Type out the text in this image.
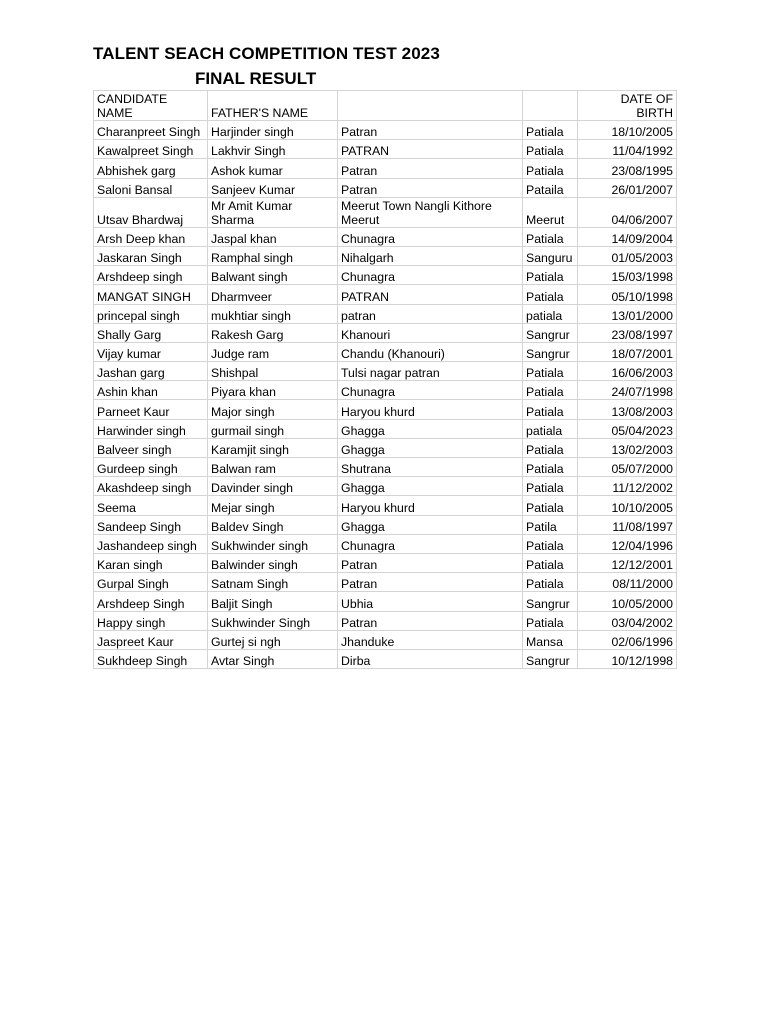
TALENT SEACH COMPETITION TEST 2023
FINAL RESULT
CANDIDATE
NAME	FATHER'S NAME			DATE OF
BIRTH

Charanpreet Singh	Harjinder singh	Patran	Patiala	18/10/2005
Kawalpreet Singh	Lakhvir Singh	PATRAN	Patiala	11/04/1992
Abhishek garg	Ashok kumar	Patran	Patiala	23/08/1995
Saloni Bansal	Sanjeev Kumar	Patran	Pataila	26/01/2007
Utsav Bhardwaj	Mr Amit Kumar Sharma	Meerut Town Nangli Kithore Meerut	Meerut	04/06/2007
Arsh Deep khan	Jaspal khan	Chunagra	Patiala	14/09/2004
Jaskaran Singh	Ramphal singh	Nihalgarh	Sanguru	01/05/2003
Arshdeep singh	Balwant singh	Chunagra	Patiala	15/03/1998
MANGAT SINGH	Dharmveer	PATRAN	Patiala	05/10/1998
princepal singh	mukhtiar singh	patran	patiala	13/01/2000
Shally Garg	Rakesh Garg	Khanouri	Sangrur	23/08/1997
Vijay kumar	Judge ram	Chandu (Khanouri)	Sangrur	18/07/2001
Jashan garg	Shishpal	Tulsi nagar patran	Patiala	16/06/2003
Ashin khan	Piyara khan	Chunagra	Patiala	24/07/1998
Parneet Kaur	Major singh	Haryou khurd	Patiala	13/08/2003
Harwinder singh	gurmail singh	Ghagga	patiala	05/04/2023
Balveer singh	Karamjit singh	Ghagga	Patiala	13/02/2003
Gurdeep singh	Balwan ram	Shutrana	Patiala	05/07/2000
Akashdeep singh	Davinder singh	Ghagga	Patiala	11/12/2002
Seema	Mejar singh	Haryou khurd	Patiala	10/10/2005
Sandeep Singh	Baldev Singh	Ghagga	Patila	11/08/1997
Jashandeep singh	Sukhwinder singh	Chunagra	Patiala	12/04/1996
Karan singh	Balwinder singh	Patran	Patiala	12/12/2001
Gurpal Singh	Satnam Singh	Patran	Patiala	08/11/2000
Arshdeep Singh	Baljit Singh	Ubhia	Sangrur	10/05/2000
Happy singh	Sukhwinder Singh	Patran	Patiala	03/04/2002
Jaspreet Kaur	Gurtej si ngh	Jhanduke	Mansa	02/06/1996
Sukhdeep Singh	Avtar Singh	Dirba	Sangrur	10/12/1998
